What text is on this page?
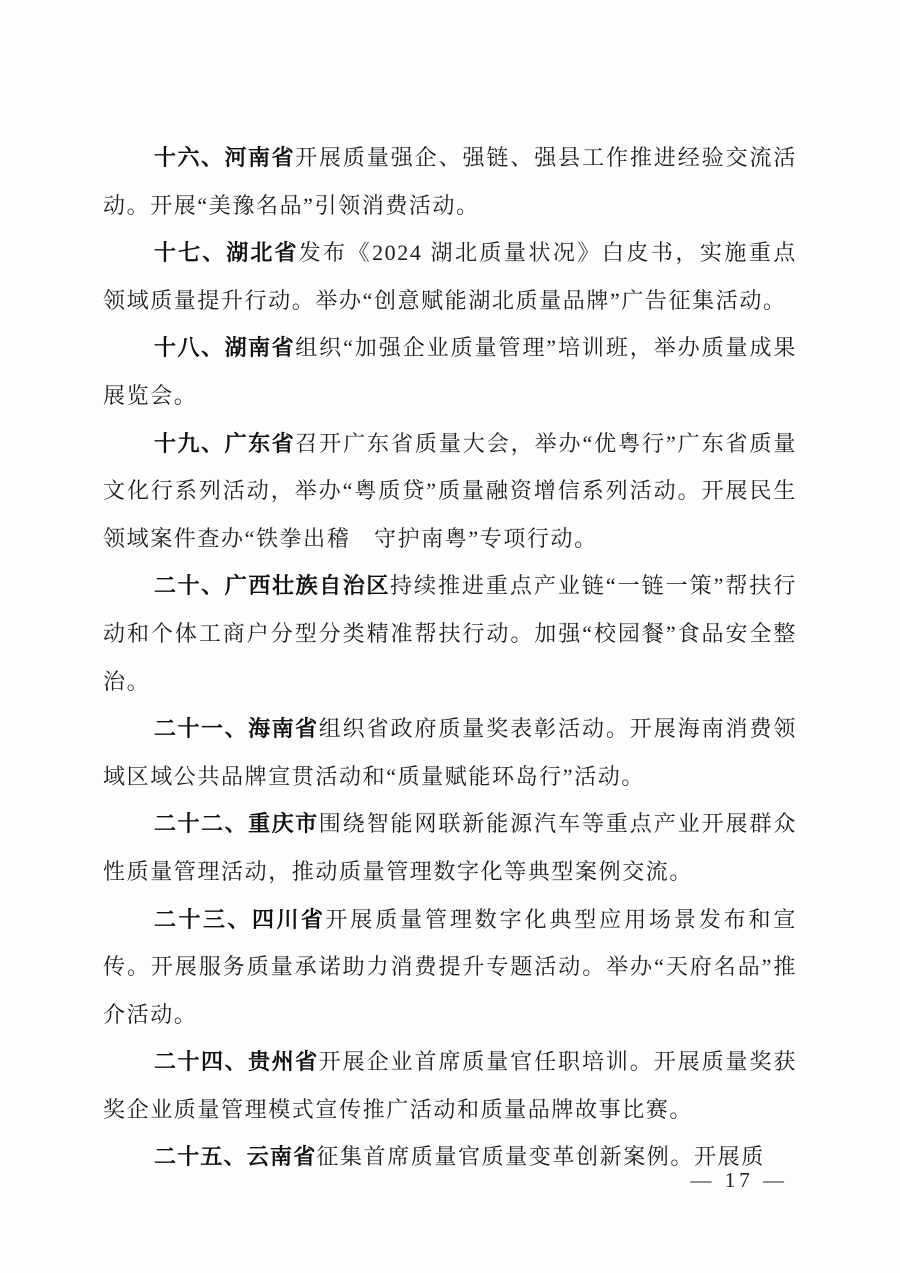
十六、河南省开展质量强企、强链、强县工作推进经验交流活动。开展“美豫名品”引领消费活动。

十七、湖北省发布《2024 湖北质量状况》白皮书，实施重点领域质量提升行动。举办“创意赋能湖北质量品牌”广告征集活动。

十八、湖南省组织“加强企业质量管理”培训班，举办质量成果展览会。

十九、广东省召开广东省质量大会，举办“优粤行”广东省质量文化行系列活动，举办“粤质贷”质量融资增信系列活动。开展民生领域案件查办“铁拳出稽　守护南粤”专项行动。

二十、广西壮族自治区持续推进重点产业链“一链一策”帮扶行动和个体工商户分型分类精准帮扶行动。加强“校园餐”食品安全整治。

二十一、海南省组织省政府质量奖表彰活动。开展海南消费领域区域公共品牌宣贯活动和“质量赋能环岛行”活动。

二十二、重庆市围绕智能网联新能源汽车等重点产业开展群众性质量管理活动，推动质量管理数字化等典型案例交流。

二十三、四川省开展质量管理数字化典型应用场景发布和宣传。开展服务质量承诺助力消费提升专题活动。举办“天府名品”推介活动。

二十四、贵州省开展企业首席质量官任职培训。开展质量奖获奖企业质量管理模式宣传推广活动和质量品牌故事比赛。

二十五、云南省征集首席质量官质量变革创新案例。开展质

— 17 —
